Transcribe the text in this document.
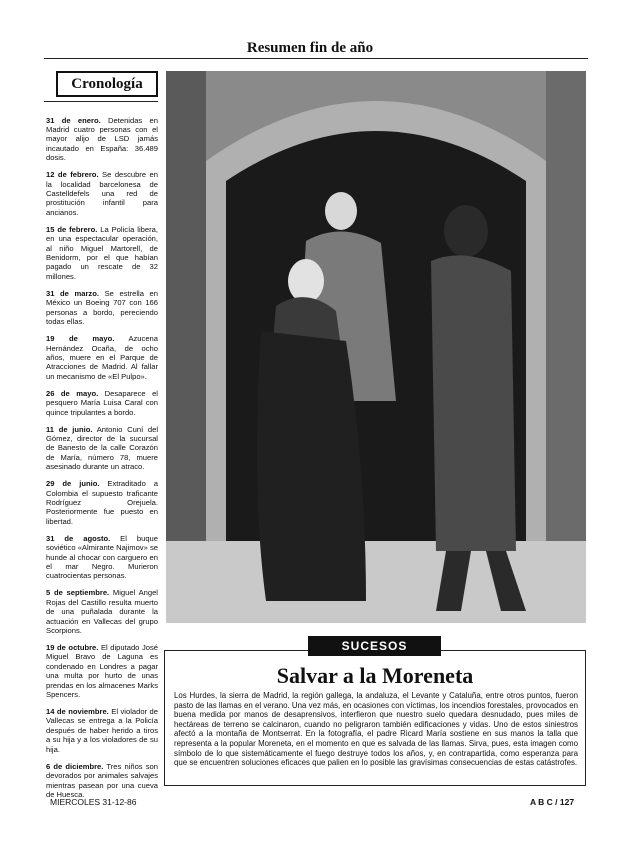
Resumen fin de año
Cronología

31 de enero. Detenidas en Madrid cuatro personas con el mayor alijo de LSD jamás incautado en España: 36.489 dosis.

12 de febrero. Se descubre en la localidad barcelonesa de Castelldefels una red de prostitución infantil para ancianos.

15 de febrero. La Policía libera, en una espectacular operación, al niño Miguel Martorell, de Benidorm, por el que habían pagado un rescate de 32 millones.

31 de marzo. Se estrella en México un Boeing 707 con 166 personas a bordo, pereciendo todas ellas.

19 de mayo. Azucena Hernández Ocaña, de ocho años, muere en el Parque de Atracciones de Madrid. Al fallar un mecanismo de «El Pulpo».

26 de mayo. Desaparece el pesquero María Luisa Caral con quince tripulantes a bordo.

11 de junio. Antonio Cuní del Gómez, director de la sucursal de Banesto de la calle Corazón de María, número 78, muere asesinado durante un atraco.

29 de junio. Extraditado a Colombia el supuesto traficante Rodríguez Orejuela. Posteriormente fue puesto en libertad.

31 de agosto. El buque soviético «Almirante Najimov» se hunde al chocar con carguero en el mar Negro. Murieron cuatrocientas personas.

5 de septiembre. Miguel Angel Rojas del Castillo resulta muerto de una puñalada durante la actuación en Vallecas del grupo Scorpions.

19 de octubre. El diputado José Miguel Bravo de Laguna es condenado en Londres a pagar una multa por hurto de unas prendas en los almacenes Marks Spencers.

14 de noviembre. El violador de Vallecas se entrega a la Policía después de haber herido a tiros a su hija y a los violadores de su hija.

6 de diciembre. Tres niños son devorados por animales salvajes mientras pasean por una cueva de Huesca.

SUCESOS
Salvar a la Moreneta
Los Hurdes, la sierra de Madrid, la región gallega, la andaluza, el Levante y Cataluña, entre otros puntos, fueron pasto de las llamas en el verano. Una vez más, en ocasiones con víctimas, los incendios forestales, provocados en buena medida por manos de desaprensivos, interfieron que nuestro suelo quedara desnudado, pues miles de hectáreas de terreno se calcinaron, cuando no peligraron también edificaciones y vidas. Uno de estos siniestros afectó a la montaña de Montserrat. En la fotografía, el padre Ricard María sostiene en sus manos la talla que representa a la popular Moreneta, en el momento en que es salvada de las llamas. Sirva, pues, esta imagen como símbolo de lo que sistemáticamente el fuego destruye todos los años, y, en contrapartida, como esperanza para que se encuentren soluciones eficaces que palien en lo posible las gravísimas consecuencias de estas catástrofes.
MIERCOLES 31-12-86	A B C / 127
